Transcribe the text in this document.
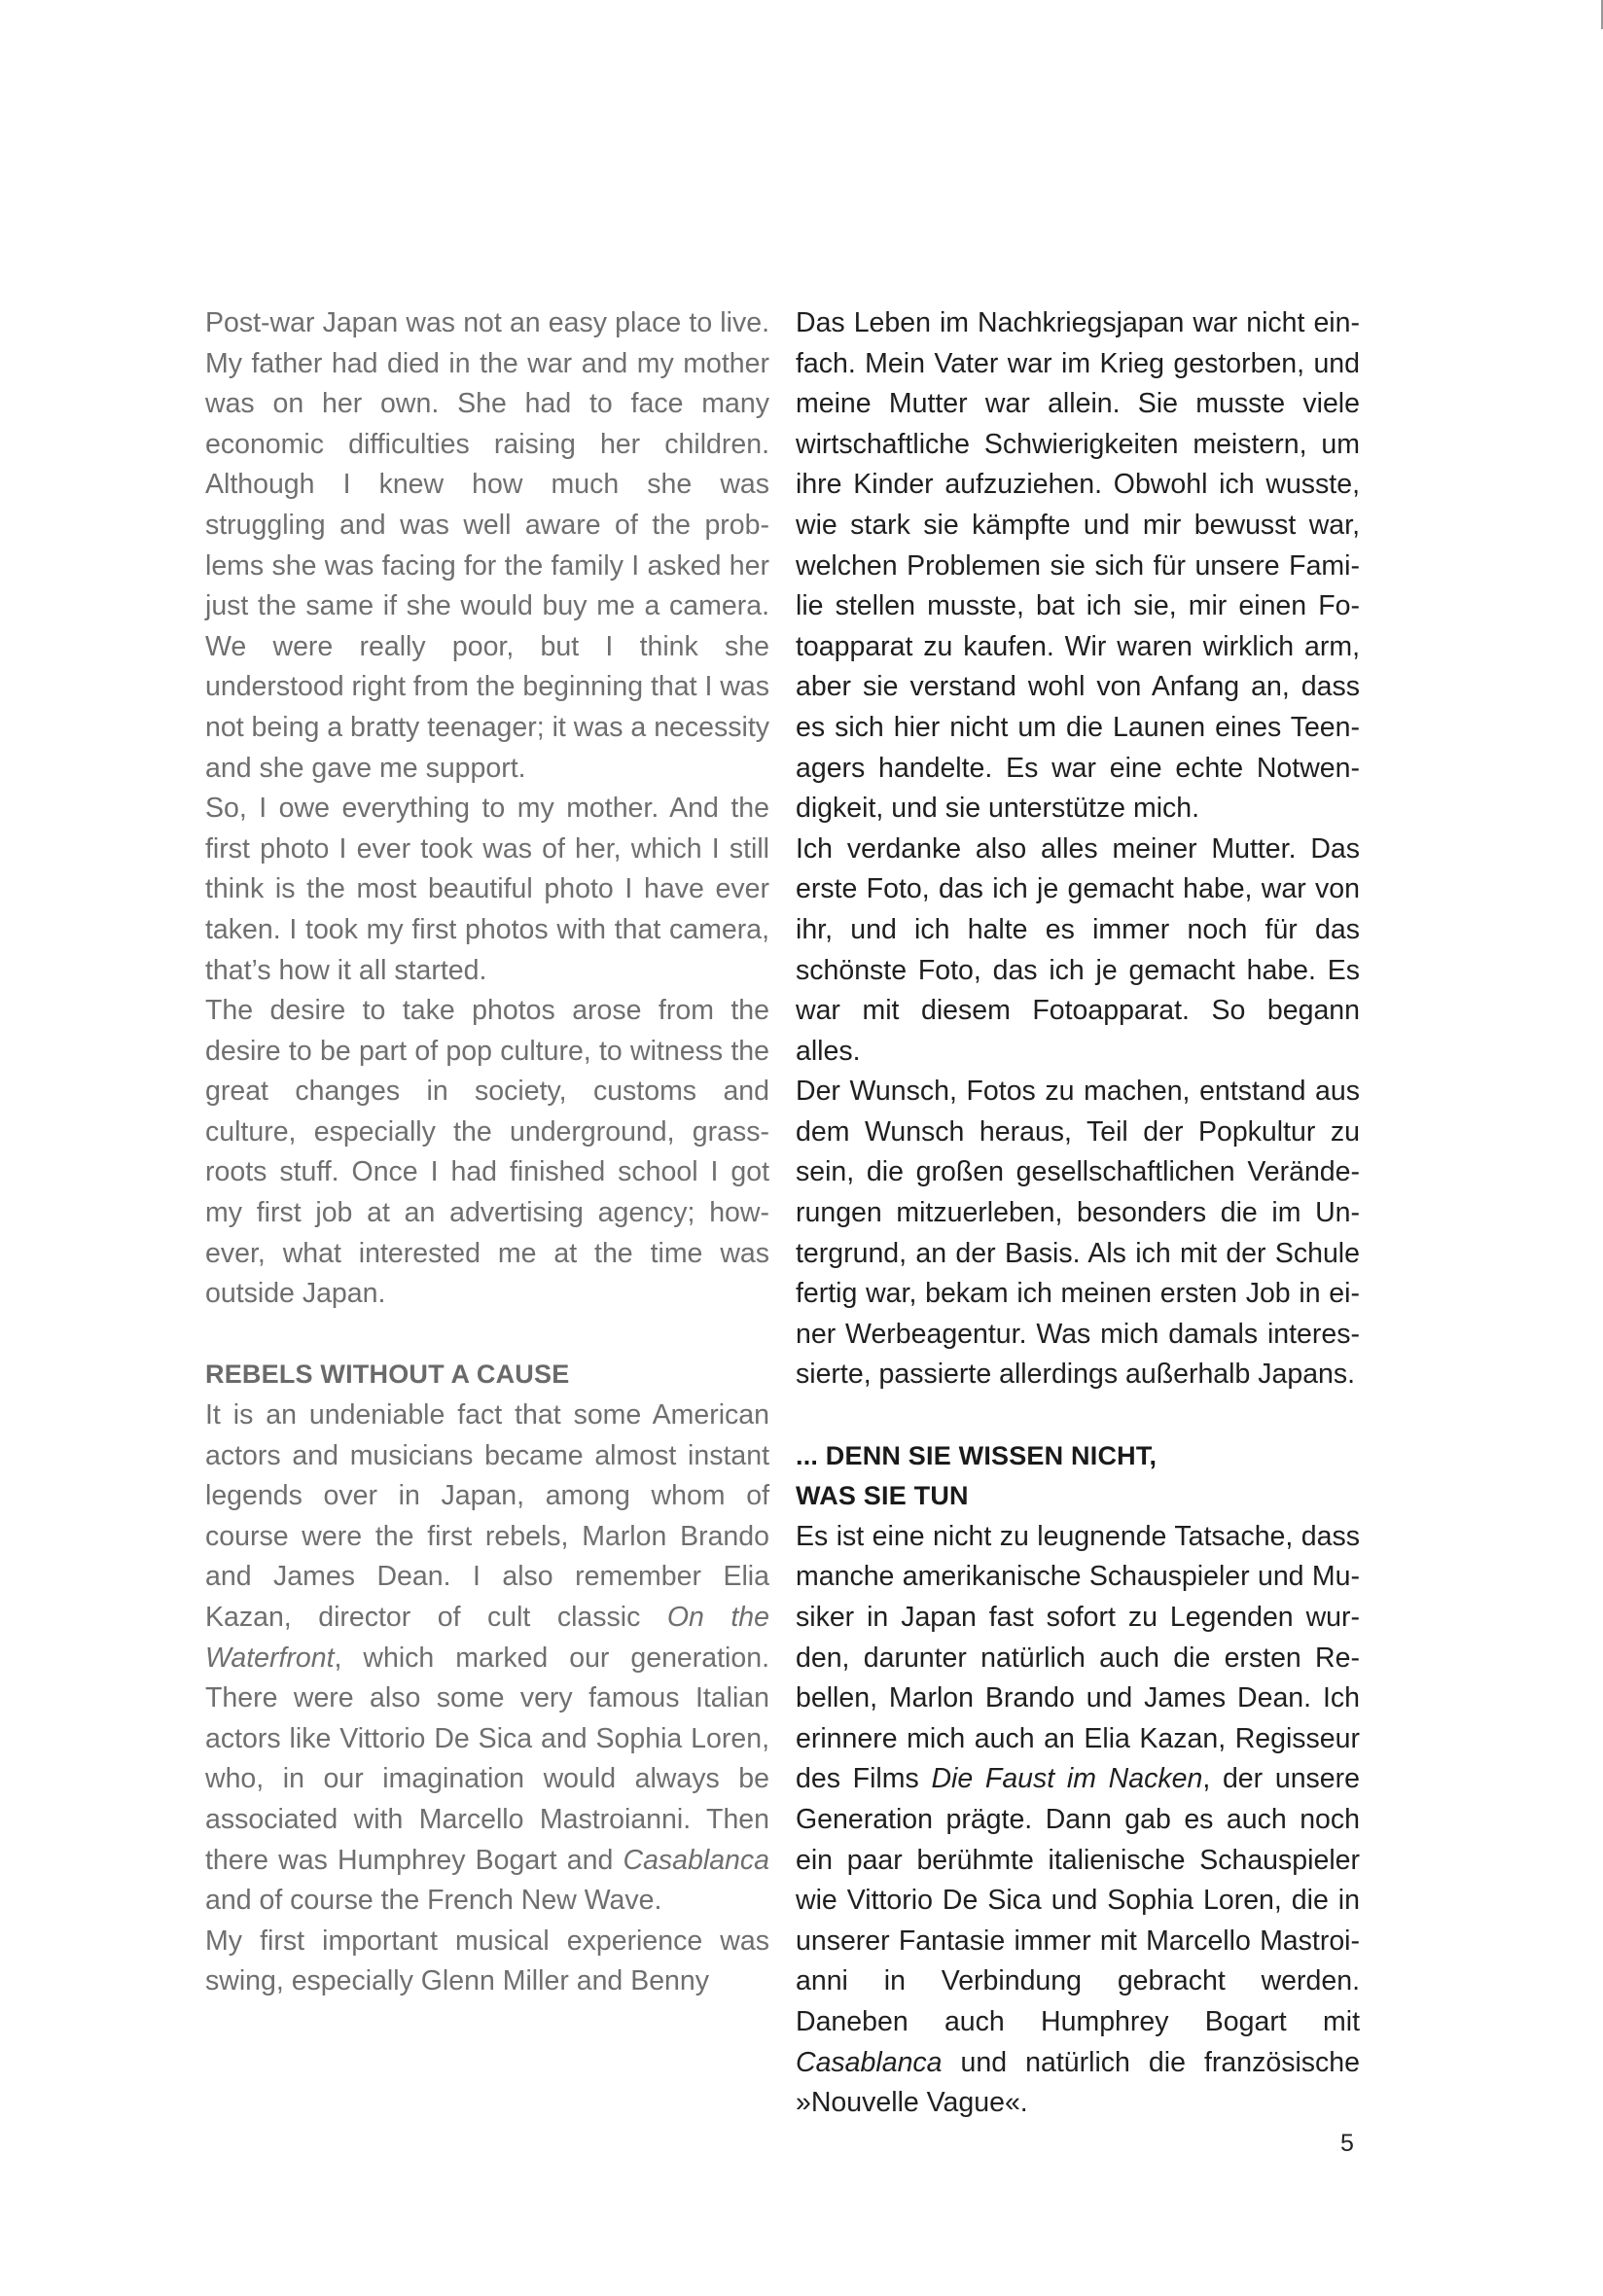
Post-war Japan was not an easy place to live. My father had died in the war and my mother was on her own. She had to face many economic difficulties raising her children. Although I knew how much she was struggling and was well aware of the problems she was facing for the family I asked her just the same if she would buy me a camera. We were really poor, but I think she understood right from the beginning that I was not being a bratty teenager; it was a necessity and she gave me support.

So, I owe everything to my mother. And the first photo I ever took was of her, which I still think is the most beautiful photo I have ever taken. I took my first photos with that camera, that’s how it all started.

The desire to take photos arose from the desire to be part of pop culture, to witness the great changes in society, customs and culture, especially the underground, grassroots stuff. Once I had finished school I got my first job at an advertising agency; however, what interested me at the time was outside Japan.

REBELS WITHOUT A CAUSE

It is an undeniable fact that some American actors and musicians became almost instant legends over in Japan, among whom of course were the first rebels, Marlon Brando and James Dean. I also remember Elia Kazan, director of cult classic On the Waterfront, which marked our generation. There were also some very famous Italian actors like Vittorio De Sica and Sophia Loren, who, in our imagination would always be associated with Marcello Mastroianni. Then there was Humphrey Bogart and Casablanca and of course the French New Wave.

My first important musical experience was swing, especially Glenn Miller and Benny

Das Leben im Nachkriegsjapan war nicht einfach. Mein Vater war im Krieg gestorben, und meine Mutter war allein. Sie musste viele wirtschaftliche Schwierigkeiten meistern, um ihre Kinder aufzuziehen. Obwohl ich wusste, wie stark sie kämpfte und mir bewusst war, welchen Problemen sie sich für unsere Familie stellen musste, bat ich sie, mir einen Fotoapparat zu kaufen. Wir waren wirklich arm, aber sie verstand wohl von Anfang an, dass es sich hier nicht um die Launen eines Teenagers handelte. Es war eine echte Notwendigkeit, und sie unterstütze mich.

Ich verdanke also alles meiner Mutter. Das erste Foto, das ich je gemacht habe, war von ihr, und ich halte es immer noch für das schönste Foto, das ich je gemacht habe. Es war mit diesem Fotoapparat. So begann alles.

Der Wunsch, Fotos zu machen, entstand aus dem Wunsch heraus, Teil der Popkultur zu sein, die großen gesellschaftlichen Veränderungen mitzuerleben, besonders die im Untergrund, an der Basis. Als ich mit der Schule fertig war, bekam ich meinen ersten Job in einer Werbeagentur. Was mich damals interessierte, passierte allerdings außerhalb Japans.

... DENN SIE WISSEN NICHT,

WAS SIE TUN

Es ist eine nicht zu leugnende Tatsache, dass manche amerikanische Schauspieler und Musiker in Japan fast sofort zu Legenden wurden, darunter natürlich auch die ersten Rebellen, Marlon Brando und James Dean. Ich erinnere mich auch an Elia Kazan, Regisseur des Films Die Faust im Nacken, der unsere Generation prägte. Dann gab es auch noch ein paar berühmte italienische Schauspieler wie Vittorio De Sica und Sophia Loren, die in unserer Fantasie immer mit Marcello Mastroianni in Verbindung gebracht werden. Daneben auch Humphrey Bogart mit Casablanca und natürlich die französische »Nouvelle Vague«.

5
